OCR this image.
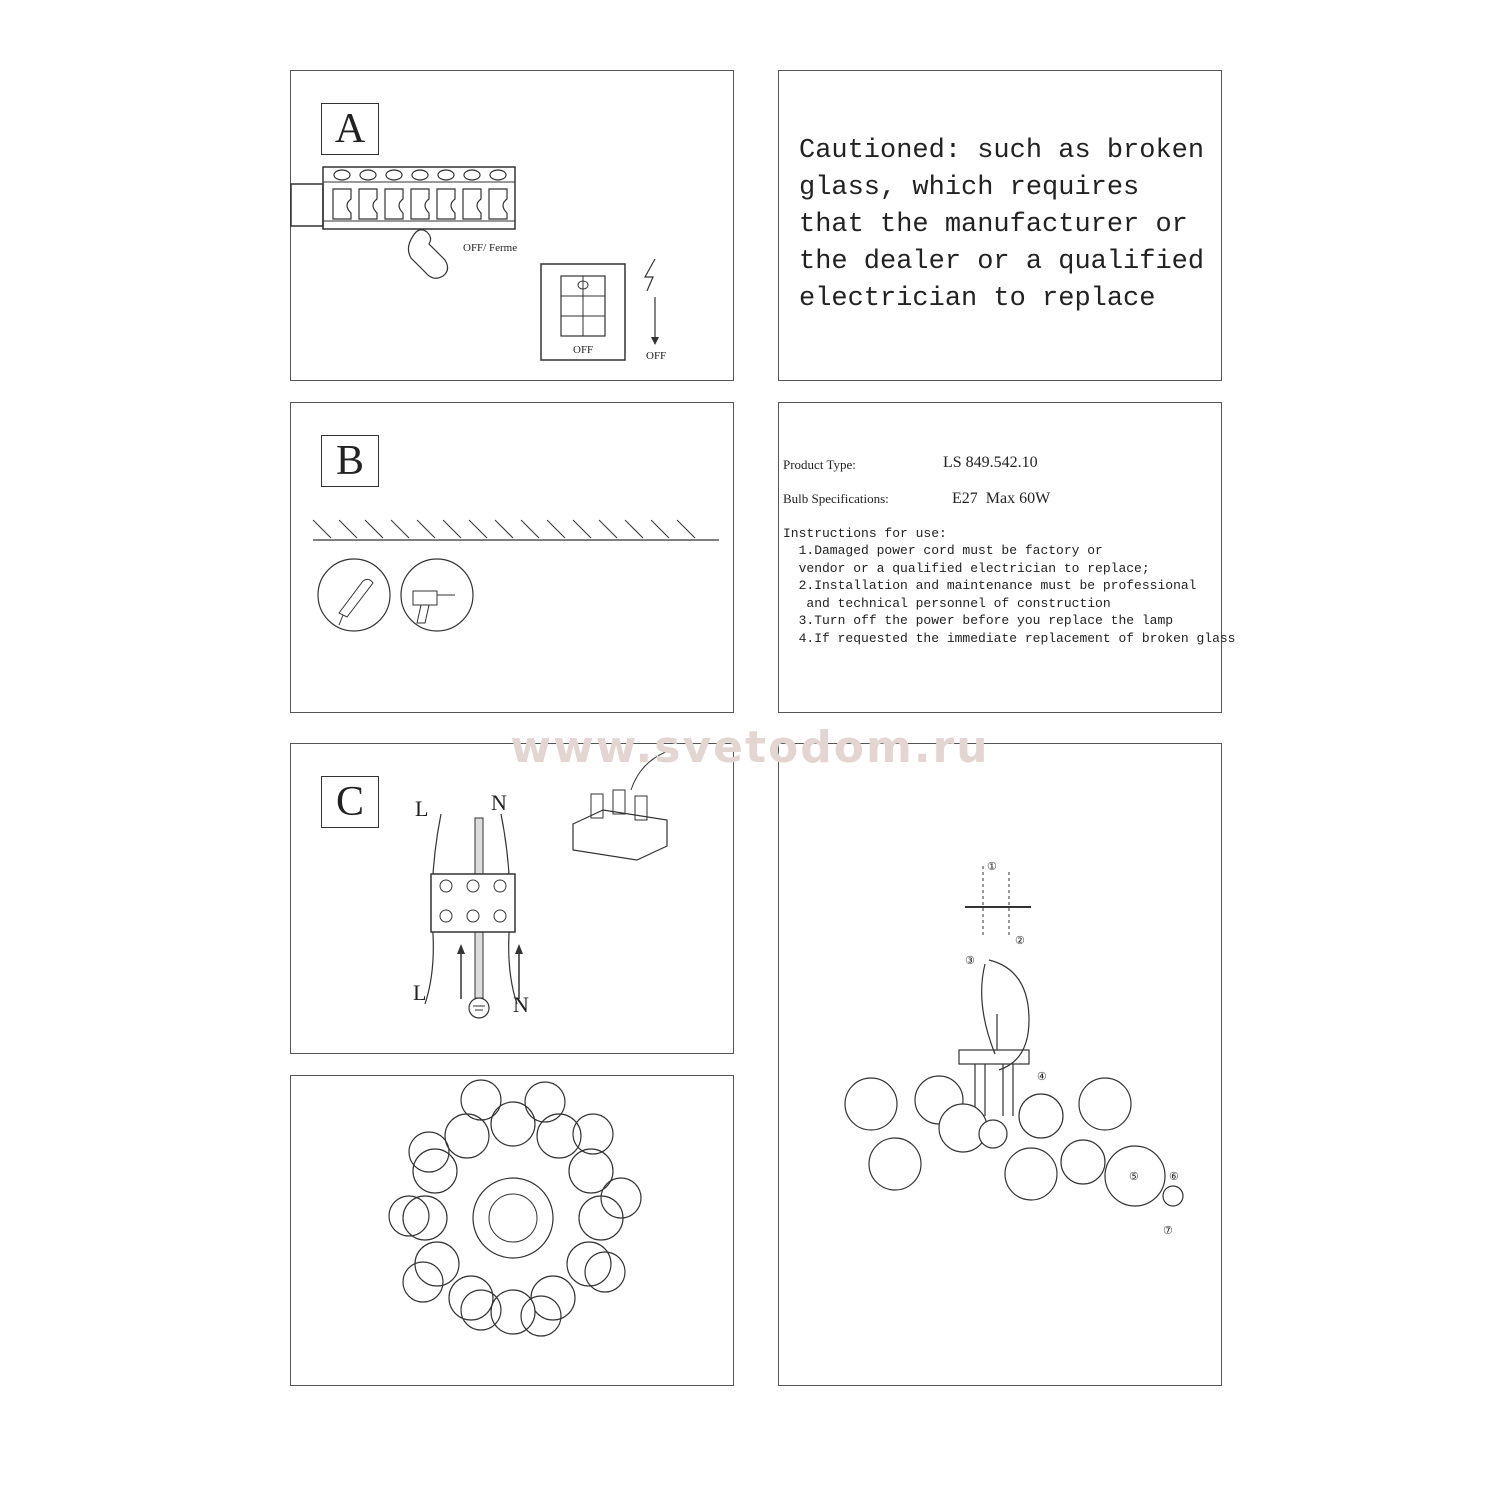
A
OFF/ Ferme
OFF	OFF
Cautioned: such as broken glass, which requires that the manufacturer or the dealer or a qualified electrician to replace
B	Product Type:	LS 849.542.10
Bulb Specifications:	E27  Max 60W
Instructions for use:
1.Damaged power cord must be factory or
vendor or a qualified electrician to replace;
2.Installation and maintenance must be professional
and technical personnel of construction
3.Turn off the power before you replace the lamp
4.If requested the immediate replacement of broken glass
C	L	N
L	N
①
②
③
④
⑤	⑥
⑦
www.svetodom.ru
